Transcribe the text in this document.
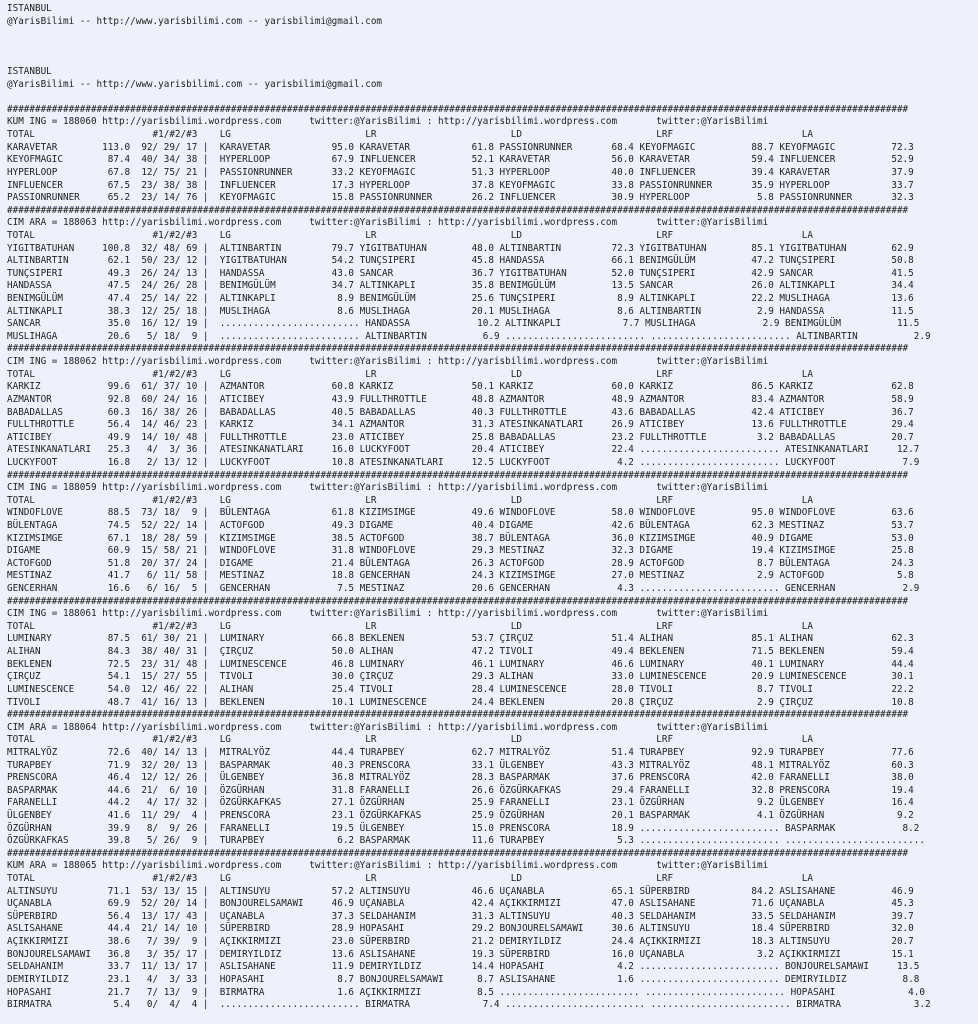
ISTANBUL
@YarisBilimi -- http://www.yarisbilimi.com -- yarisbilimi@gmail.com
ISTANBUL
@YarisBilimi -- http://www.yarisbilimi.com -- yarisbilimi@gmail.com
#################################################################################################################################################################
KUM ING = 188060 http://yarisbilimi.wordpress.com     twitter:@YarisBilimi : http://yarisbilimi.wordpress.com       twitter:@YarisBilimi
TOTAL                     #1/#2/#3    LG                        LR                        LD                        LRF                       LA
KARAVETAR        113.0  92/ 29/ 17 |  KARAVETAR           95.0 KARAVETAR           61.8 PASSIONRUNNER       68.4 KEYOFMAGIC          88.7 KEYOFMAGIC          72.3
KEYOFMAGIC        87.4  40/ 34/ 38 |  HYPERLOOP           67.9 INFLUENCER          52.1 KARAVETAR           56.0 KARAVETAR           59.4 INFLUENCER          52.9
HYPERLOOP         67.8  12/ 75/ 21 |  PASSIONRUNNER       33.2 KEYOFMAGIC          51.3 HYPERLOOP           40.0 INFLUENCER          39.4 KARAVETAR           37.9
INFLUENCER        67.5  23/ 38/ 38 |  INFLUENCER          17.3 HYPERLOOP           37.8 KEYOFMAGIC          33.8 PASSIONRUNNER       35.9 HYPERLOOP           33.7
PASSIONRUNNER     65.2  23/ 14/ 76 |  KEYOFMAGIC          15.8 PASSIONRUNNER       26.2 INFLUENCER          30.9 HYPERLOOP            5.8 PASSIONRUNNER       32.3
#################################################################################################################################################################
CIM ARA = 188063 http://yarisbilimi.wordpress.com     twitter:@YarisBilimi : http://yarisbilimi.wordpress.com       twitter:@YarisBilimi
TOTAL                     #1/#2/#3    LG                        LR                        LD                        LRF                       LA
YIGITBATUHAN     100.8  32/ 48/ 69 |  ALTINBARTIN         79.7 YIGITBATUHAN        48.0 ALTINBARTIN         72.3 YIGITBATUHAN        85.1 YIGITBATUHAN        62.9
ALTINBARTIN       62.1  50/ 23/ 12 |  YIGITBATUHAN        54.2 TUNÇSIPERI          45.8 HANDASSA            66.1 BENIMGÜLÜM          47.2 TUNÇSIPERI          50.8
TUNÇSIPERI        49.3  26/ 24/ 13 |  HANDASSA            43.0 SANCAR              36.7 YIGITBATUHAN        52.0 TUNÇSIPERI          42.9 SANCAR              41.5
HANDASSA          47.5  24/ 26/ 28 |  BENIMGÜLÜM          34.7 ALTINKAPLI          35.8 BENIMGÜLÜM          13.5 SANCAR              26.0 ALTINKAPLI          34.4
BENIMGÜLÜM        47.4  25/ 14/ 22 |  ALTINKAPLI           8.9 BENIMGÜLÜM          25.6 TUNÇSIPERI           8.9 ALTINKAPLI          22.2 MUSLIHAGA           13.6
ALTINKAPLI        38.3  12/ 25/ 18 |  MUSLIHAGA            8.6 MUSLIHAGA           20.1 MUSLIHAGA            8.6 ALTINBARTIN          2.9 HANDASSA            11.5
SANCAR            35.0  16/ 12/ 19 |  ......................... HANDASSA            10.2 ALTINKAPLI           7.7 MUSLIHAGA            2.9 BENIMGÜLÜM          11.5
MUSLIHAGA         20.6   5/ 18/  9 |  ......................... ALTINBARTIN          6.9 ......................... ......................... ALTINBARTIN          2.9
#################################################################################################################################################################
CIM ING = 188062 http://yarisbilimi.wordpress.com     twitter:@YarisBilimi : http://yarisbilimi.wordpress.com       twitter:@YarisBilimi
TOTAL                     #1/#2/#3    LG                        LR                        LD                        LRF                       LA
KARKIZ            99.6  61/ 37/ 10 |  AZMANTOR            60.8 KARKIZ              50.1 KARKIZ              60.0 KARKIZ              86.5 KARKIZ              62.8
AZMANTOR          92.8  60/ 24/ 16 |  ATICIBEY            43.9 FULLTHROTTLE        48.8 AZMANTOR            48.9 AZMANTOR            83.4 AZMANTOR            58.9
BABADALLAS        60.3  16/ 38/ 26 |  BABADALLAS          40.5 BABADALLAS          40.3 FULLTHROTTLE        43.6 BABADALLAS          42.4 ATICIBEY            36.7
FULLTHROTTLE      56.4  14/ 46/ 23 |  KARKIZ              34.1 AZMANTOR            31.3 ATESINKANATLARI     26.9 ATICIBEY            13.6 FULLTHROTTLE        29.4
ATICIBEY          49.9  14/ 10/ 48 |  FULLTHROTTLE        23.0 ATICIBEY            25.8 BABADALLAS          23.2 FULLTHROTTLE         3.2 BABADALLAS          20.7
ATESINKANATLARI   25.3   4/  3/ 36 |  ATESINKANATLARI     16.0 LUCKYFOOT           20.4 ATICIBEY            22.4 ......................... ATESINKANATLARI     12.7
LUCKYFOOT         16.8   2/ 13/ 12 |  LUCKYFOOT           10.8 ATESINKANATLARI     12.5 LUCKYFOOT            4.2 ......................... LUCKYFOOT            7.9
#################################################################################################################################################################
CIM ING = 188059 http://yarisbilimi.wordpress.com     twitter:@YarisBilimi : http://yarisbilimi.wordpress.com       twitter:@YarisBilimi
TOTAL                     #1/#2/#3    LG                        LR                        LD                        LRF                       LA
WINDOFLOVE        88.5  73/ 18/  9 |  BÜLENTAGA           61.8 KIZIMSIMGE          49.6 WINDOFLOVE          58.0 WINDOFLOVE          95.0 WINDOFLOVE          63.6
BÜLENTAGA         74.5  52/ 22/ 14 |  ACTOFGOD            49.3 DIGAME              40.4 DIGAME              42.6 BÜLENTAGA           62.3 MESTINAZ            53.7
KIZIMSIMGE        67.1  18/ 28/ 59 |  KIZIMSIMGE          38.5 ACTOFGOD            38.7 BÜLENTAGA           36.0 KIZIMSIMGE          40.9 DIGAME              53.0
DIGAME            60.9  15/ 58/ 21 |  WINDOFLOVE          31.8 WINDOFLOVE          29.3 MESTINAZ            32.3 DIGAME              19.4 KIZIMSIMGE          25.8
ACTOFGOD          51.8  20/ 37/ 24 |  DIGAME              21.4 BÜLENTAGA           26.3 ACTOFGOD            28.9 ACTOFGOD             8.7 BÜLENTAGA           24.3
MESTINAZ          41.7   6/ 11/ 58 |  MESTINAZ            18.8 GENCERHAN           24.3 KIZIMSIMGE          27.0 MESTINAZ             2.9 ACTOFGOD             5.8
GENCERHAN         16.6   6/ 16/  5 |  GENCERHAN            7.5 MESTINAZ            20.6 GENCERHAN            4.3 ......................... GENCERHAN            2.9
#################################################################################################################################################################
CIM ING = 188061 http://yarisbilimi.wordpress.com     twitter:@YarisBilimi : http://yarisbilimi.wordpress.com       twitter:@YarisBilimi
TOTAL                     #1/#2/#3    LG                        LR                        LD                        LRF                       LA
LUMINARY          87.5  61/ 30/ 21 |  LUMINARY            66.8 BEKLENEN            53.7 ÇIRÇUZ              51.4 ALIHAN              85.1 ALIHAN              62.3
ALIHAN            84.3  38/ 40/ 31 |  ÇIRÇUZ              50.0 ALIHAN              47.2 TIVOLI              49.4 BEKLENEN            71.5 BEKLENEN            59.4
BEKLENEN          72.5  23/ 31/ 48 |  LUMINESCENCE        46.8 LUMINARY            46.1 LUMINARY            46.6 LUMINARY            40.1 LUMINARY            44.4
ÇIRÇUZ            54.1  15/ 27/ 55 |  TIVOLI              30.0 ÇIRÇUZ              29.3 ALIHAN              33.0 LUMINESCENCE        20.9 LUMINESCENCE        30.1
LUMINESCENCE      54.0  12/ 46/ 22 |  ALIHAN              25.4 TIVOLI              28.4 LUMINESCENCE        28.0 TIVOLI               8.7 TIVOLI              22.2
TIVOLI            48.7  41/ 16/ 13 |  BEKLENEN            10.1 LUMINESCENCE        24.4 BEKLENEN            20.8 ÇIRÇUZ               2.9 ÇIRÇUZ              10.8
#################################################################################################################################################################
CIM ARA = 188064 http://yarisbilimi.wordpress.com     twitter:@YarisBilimi : http://yarisbilimi.wordpress.com       twitter:@YarisBilimi
TOTAL                     #1/#2/#3    LG                        LR                        LD                        LRF                       LA
MITRALYÖZ         72.6  40/ 14/ 13 |  MITRALYÖZ           44.4 TURAPBEY            62.7 MITRALYÖZ           51.4 TURAPBEY            92.9 TURAPBEY            77.6
TURAPBEY          71.9  32/ 20/ 13 |  BASPARMAK           40.3 PRENSCORA           33.1 ÜLGENBEY            43.3 MITRALYÖZ           48.1 MITRALYÖZ           60.3
PRENSCORA         46.4  12/ 12/ 26 |  ÜLGENBEY            36.8 MITRALYÖZ           28.3 BASPARMAK           37.6 PRENSCORA           42.0 FARANELLI           38.0
BASPARMAK         44.6  21/  6/ 10 |  ÖZGÜRHAN            31.8 FARANELLI           26.6 ÖZGÜRKAFKAS         29.4 FARANELLI           32.8 PRENSCORA           19.4
FARANELLI         44.2   4/ 17/ 32 |  ÖZGÜRKAFKAS         27.1 ÖZGÜRHAN            25.9 FARANELLI           23.1 ÖZGÜRHAN             9.2 ÜLGENBEY            16.4
ÜLGENBEY          41.6  11/ 29/  4 |  PRENSCORA           23.1 ÖZGÜRKAFKAS         25.9 ÖZGÜRHAN            20.1 BASPARMAK            4.1 ÖZGÜRHAN             9.2
ÖZGÜRHAN          39.9   8/  9/ 26 |  FARANELLI           19.5 ÜLGENBEY            15.0 PRENSCORA           18.9 ......................... BASPARMAK            8.2
ÖZGÜRKAFKAS       39.8   5/ 26/  9 |  TURAPBEY             6.2 BASPARMAK           11.6 TURAPBEY             5.3 ......................... .........................
#################################################################################################################################################################
KUM ARA = 188065 http://yarisbilimi.wordpress.com     twitter:@YarisBilimi : http://yarisbilimi.wordpress.com       twitter:@YarisBilimi
TOTAL                     #1/#2/#3    LG                        LR                        LD                        LRF                       LA
ALTINSUYU         71.1  53/ 13/ 15 |  ALTINSUYU           57.2 ALTINSUYU           46.6 UÇANABLA            65.1 SÜPERBIRD           84.2 ASLISAHANE          46.9
UÇANABLA          69.9  52/ 20/ 14 |  BONJOURELSAMAWI     46.9 UÇANABLA            42.4 AÇIKKIRMIZI         47.0 ASLISAHANE          71.6 UÇANABLA            45.3
SÜPERBIRD         56.4  13/ 17/ 43 |  UÇANABLA            37.3 SELDAHANIM          31.3 ALTINSUYU           40.3 SELDAHANIM          33.5 SELDAHANIM          39.7
ASLISAHANE        44.4  21/ 14/ 10 |  SÜPERBIRD           28.9 HOPASAHI            29.2 BONJOURELSAMAWI     30.6 ALTINSUYU           18.4 SÜPERBIRD           32.0
AÇIKKIRMIZI       38.6   7/ 39/  9 |  AÇIKKIRMIZI         23.0 SÜPERBIRD           21.2 DEMIRYILDIZ         24.4 AÇIKKIRMIZI         18.3 ALTINSUYU           20.7
BONJOURELSAMAWI   36.8   3/ 35/ 17 |  DEMIRYILDIZ         13.6 ASLISAHANE          19.3 SÜPERBIRD           16.0 UÇANABLA             3.2 AÇIKKIRMIZI         15.1
SELDAHANIM        33.7  11/ 13/ 17 |  ASLISAHANE          11.9 DEMIRYILDIZ         14.4 HOPASAHI             4.2 ......................... BONJOURELSAMAWI     13.5
DEMIRYILDIZ       23.1   4/  3/ 33 |  HOPASAHI             8.7 BONJOURELSAMAWI      8.7 ASLISAHANE           1.6 ......................... DEMIRYILDIZ          8.8
HOPASAHI          21.7   7/ 13/  9 |  BIRMATRA             1.6 AÇIKKIRMIZI          8.5 ......................... ......................... HOPASAHI             4.0
BIRMATRA           5.4   0/  4/  4 |  ......................... BIRMATRA             7.4 ......................... ......................... BIRMATRA             3.2
